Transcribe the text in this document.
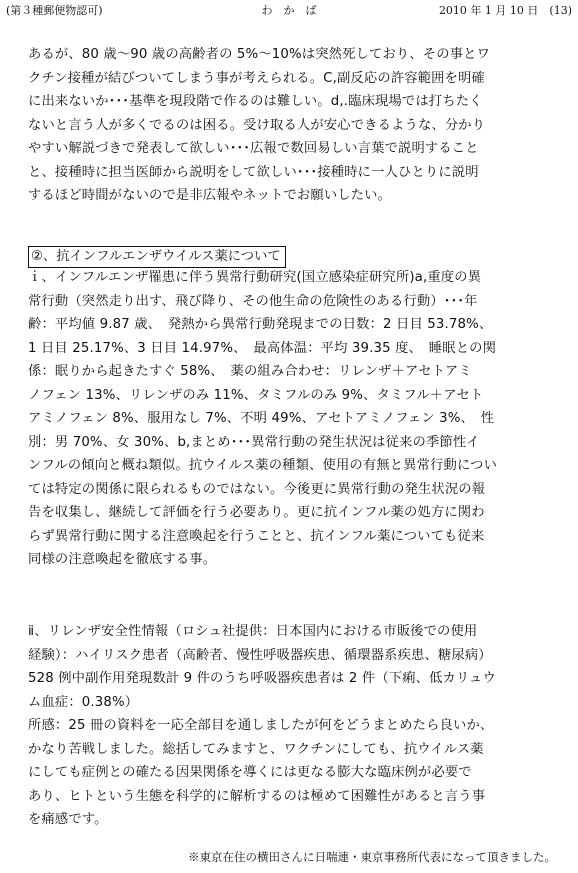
(第３種郵便物認可)	わ　か　ば	2010 年 1 月 10 日　(13)
あるが、80 歳～90 歳の高齢者の 5%～10%は突然死しており、その事とワ
クチン接種が結びついてしまう事が考えられる。C,副反応の許容範囲を明確
に出来ないか･･･基準を現段階で作るのは難しい。d,.臨床現場では打ちたく
ないと言う人が多くでるのは困る。受け取る人が安心できるような、分かり
やすい解説づきで発表して欲しい･･･広報で数回易しい言葉で説明すること
と、接種時に担当医師から説明をして欲しい･･･接種時に一人ひとりに説明
するほど時間がないので是非広報やネットでお願いしたい。
②、抗インフルエンザウイルス薬について
ｉ、インフルエンザ罹患に伴う異常行動研究(国立感染症研究所)a,重度の異
常行動（突然走り出す、飛び降り、その他生命の危険性のある行動）･･･年
齢：平均値 9.87 歳、　発熱から異常行動発現までの日数：2 日目 53.78%、
1 日目 25.17%、3 日目 14.97%、　最高体温：平均 39.35 度、　睡眠との関
係：眠りから起きたすぐ 58%、　薬の組み合わせ：リレンザ＋アセトアミ
ノフェン 13%、リレンザのみ 11%、タミフルのみ 9%、タミフル＋アセト
アミノフェン 8%、服用なし 7%、不明 49%、アセトアミノフェン 3%、　性
別：男 70%、女 30%、b,まとめ･･･異常行動の発生状況は従来の季節性イ
ンフルの傾向と概ね類似。抗ウイルス薬の種類、使用の有無と異常行動につい
ては特定の関係に限られるものではない。今後更に異常行動の発生状況の報
告を収集し、継続して評価を行う必要あり。更に抗インフル薬の処方に関わ
らず異常行動に関する注意喚起を行うことと、抗インフル薬についても従来
同様の注意喚起を徹底する事。
ⅱ、リレンザ安全性情報（ロシュ社提供：日本国内における市販後での使用
経験）：ハイリスク患者（高齢者、慢性呼吸器疾患、循環器系疾患、糖尿病）
528 例中副作用発現数計 9 件のうち呼吸器疾患者は 2 件（下痢、低カリュウ
ム血症：0.38%）
所感：25 冊の資料を一応全部目を通しましたが何をどうまとめたら良いか、
かなり苦戦しました。総括してみますと、ワクチンにしても、抗ウイルス薬
にしても症例との確たる因果関係を導くには更なる膨大な臨床例が必要で
あり、ヒトという生態を科学的に解析するのは極めて困難性があると言う事
を痛感です。
※東京在住の横田さんに日喘連・東京事務所代表になって頂きました。
